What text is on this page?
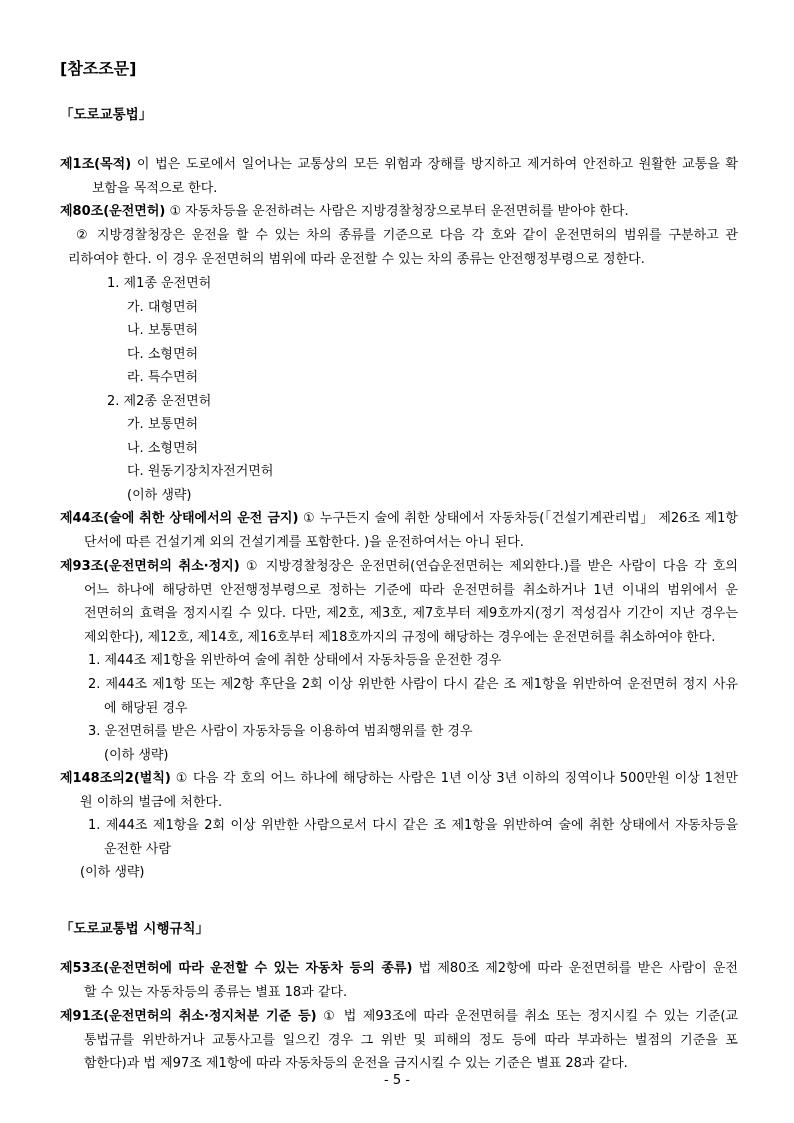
[참조조문]
「도로교통법」
제1조(목적) 이 법은 도로에서 일어나는 교통상의 모든 위험과 장해를 방지하고 제거하여 안전하고 원활한 교통을 확
보함을 목적으로 한다.
제80조(운전면허) ① 자동차등을 운전하려는 사람은 지방경찰청장으로부터 운전면허를 받아야 한다.
② 지방경찰청장은 운전을 할 수 있는 차의 종류를 기준으로 다음 각 호와 같이 운전면허의 범위를 구분하고 관
리하여야 한다. 이 경우 운전면허의 범위에 따라 운전할 수 있는 차의 종류는 안전행정부령으로 정한다.
1. 제1종 운전면허
가. 대형면허
나. 보통면허
다. 소형면허
라. 특수면허
2. 제2종 운전면허
가. 보통면허
나. 소형면허
다. 원동기장치자전거면허
(이하 생략)
제44조(술에 취한 상태에서의 운전 금지) ① 누구든지 술에 취한 상태에서 자동차등(「건설기계관리법」 제26조 제1항
단서에 따른 건설기계 외의 건설기계를 포함한다. )을 운전하여서는 아니 된다.
제93조(운전면허의 취소·정지) ① 지방경찰청장은 운전면허(연습운전면허는 제외한다.)를 받은 사람이 다음 각 호의
어느 하나에 해당하면 안전행정부령으로 정하는 기준에 따라 운전면허를 취소하거나 1년 이내의 범위에서 운
전면허의 효력을 정지시킬 수 있다. 다만, 제2호, 제3호, 제7호부터 제9호까지(정기 적성검사 기간이 지난 경우는
제외한다), 제12호, 제14호, 제16호부터 제18호까지의 규정에 해당하는 경우에는 운전면허를 취소하여야 한다.
1. 제44조 제1항을 위반하여 술에 취한 상태에서 자동차등을 운전한 경우
2. 제44조 제1항 또는 제2항 후단을 2회 이상 위반한 사람이 다시 같은 조 제1항을 위반하여 운전면허 정지 사유
에 해당된 경우
3. 운전면허를 받은 사람이 자동차등을 이용하여 범죄행위를 한 경우
(이하 생략)
제148조의2(벌칙) ① 다음 각 호의 어느 하나에 해당하는 사람은 1년 이상 3년 이하의 징역이나 500만원 이상 1천만
원 이하의 벌금에 처한다.
1. 제44조 제1항을 2회 이상 위반한 사람으로서 다시 같은 조 제1항을 위반하여 술에 취한 상태에서 자동차등을
운전한 사람
(이하 생략)
「도로교통법 시행규칙」
제53조(운전면허에 따라 운전할 수 있는 자동차 등의 종류) 법 제80조 제2항에 따라 운전면허를 받은 사람이 운전
할 수 있는 자동차등의 종류는 별표 18과 같다.
제91조(운전면허의 취소·정지처분 기준 등) ① 법 제93조에 따라 운전면허를 취소 또는 정지시킬 수 있는 기준(교
통법규를 위반하거나 교통사고를 일으킨 경우 그 위반 및 피해의 정도 등에 따라 부과하는 벌점의 기준을 포
함한다)과 법 제97조 제1항에 따라 자동차등의 운전을 금지시킬 수 있는 기준은 별표 28과 같다.
- 5 -
